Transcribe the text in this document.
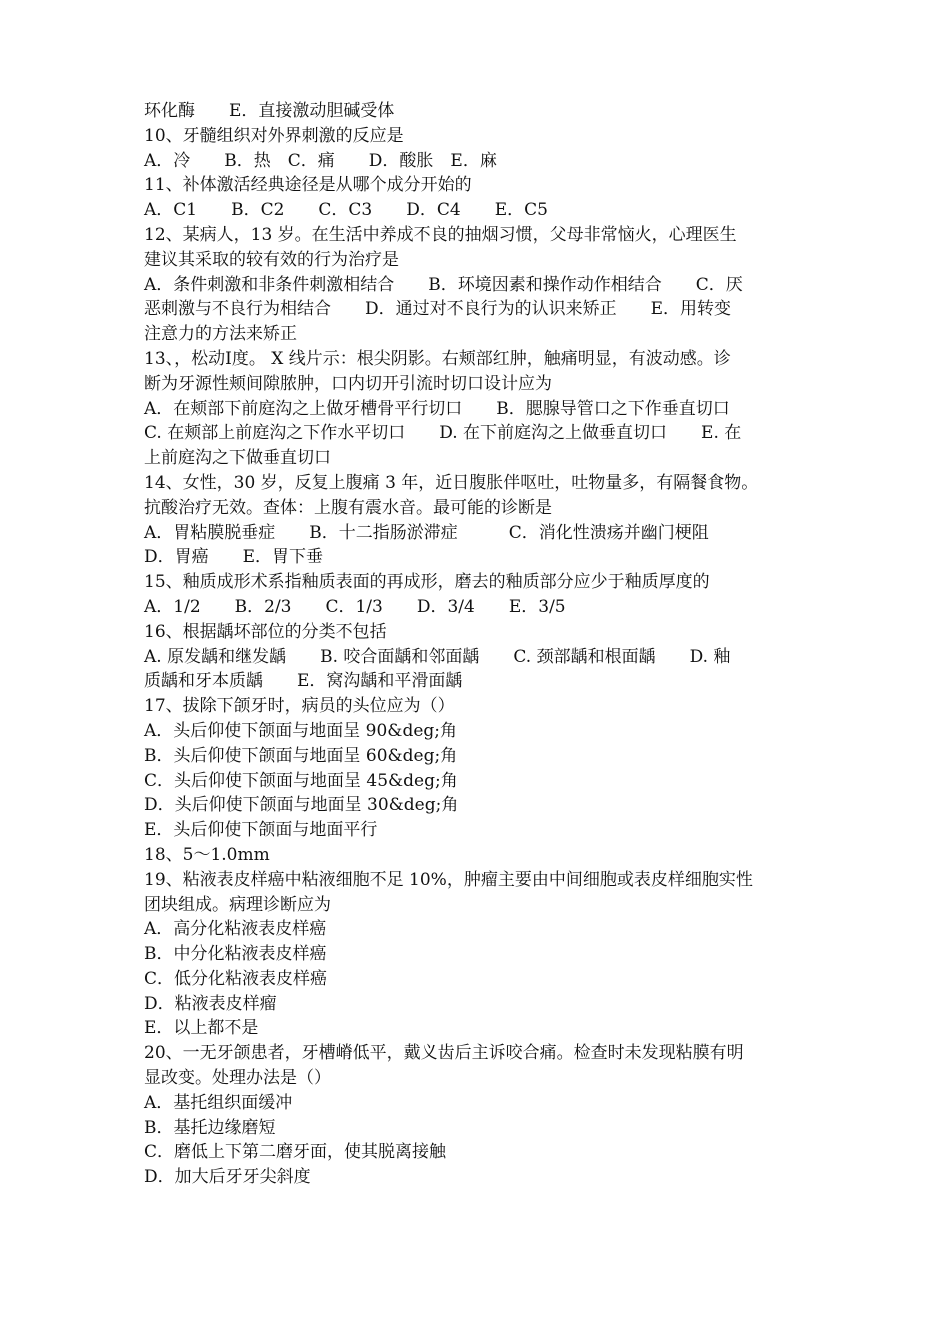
环化酶　　E．直接激动胆碱受体
10、牙髓组织对外界刺激的反应是
A．冷　　B．热　C．痛　　D．酸胀　E．麻
11、补体激活经典途径是从哪个成分开始的
A．C1　　B．C2　　C．C3　　D．C4　　E．C5
12、某病人，13 岁。在生活中养成不良的抽烟习惯，父母非常恼火，心理医生
建议其采取的较有效的行为治疗是
A．条件刺激和非条件刺激相结合　　B．环境因素和操作动作相结合　　C．厌
恶刺激与不良行为相结合　　D．通过对不良行为的认识来矫正　　E．用转变
注意力的方法来矫正
13、，松动Ⅰ度。 X 线片示：根尖阴影。右颊部红肿，触痛明显，有波动感。诊
断为牙源性颊间隙脓肿，口内切开引流时切口设计应为
A．在颊部下前庭沟之上做牙槽骨平行切口　　B．腮腺导管口之下作垂直切口
C. 在颊部上前庭沟之下作水平切口　　D. 在下前庭沟之上做垂直切口　　E. 在
上前庭沟之下做垂直切口
14、女性，30 岁，反复上腹痛 3 年，近日腹胀伴呕吐，吐物量多，有隔餐食物。
抗酸治疗无效。查体：上腹有震水音。最可能的诊断是
A．胃粘膜脱垂症　　B．十二指肠淤滞症　　　C．消化性溃疡并幽门梗阻
D．胃癌　　E．胃下垂
15、釉质成形术系指釉质表面的再成形，磨去的釉质部分应少于釉质厚度的
A．1/2　　B．2/3　　C．1/3　　D．3/4　　E．3/5
16、根据龋坏部位的分类不包括
A. 原发龋和继发龋　　B. 咬合面龋和邻面龋　　C. 颈部龋和根面龋　　D. 釉
质龋和牙本质龋　　E．窝沟龋和平滑面龋
17、拔除下颌牙时，病员的头位应为（）
A．头后仰使下颌面与地面呈 90&deg;角
B．头后仰使下颌面与地面呈 60&deg;角
C．头后仰使下颌面与地面呈 45&deg;角
D．头后仰使下颌面与地面呈 30&deg;角
E．头后仰使下颌面与地面平行
18、5～1.0mm
19、粘液表皮样癌中粘液细胞不足 10%，肿瘤主要由中间细胞或表皮样细胞实性
团块组成。病理诊断应为
A．高分化粘液表皮样癌
B．中分化粘液表皮样癌
C．低分化粘液表皮样癌
D．粘液表皮样瘤
E．以上都不是
20、一无牙颌患者，牙槽嵴低平，戴义齿后主诉咬合痛。检查时未发现粘膜有明
显改变。处理办法是（）
A．基托组织面缓冲
B．基托边缘磨短
C．磨低上下第二磨牙面，使其脱离接触
D．加大后牙牙尖斜度
